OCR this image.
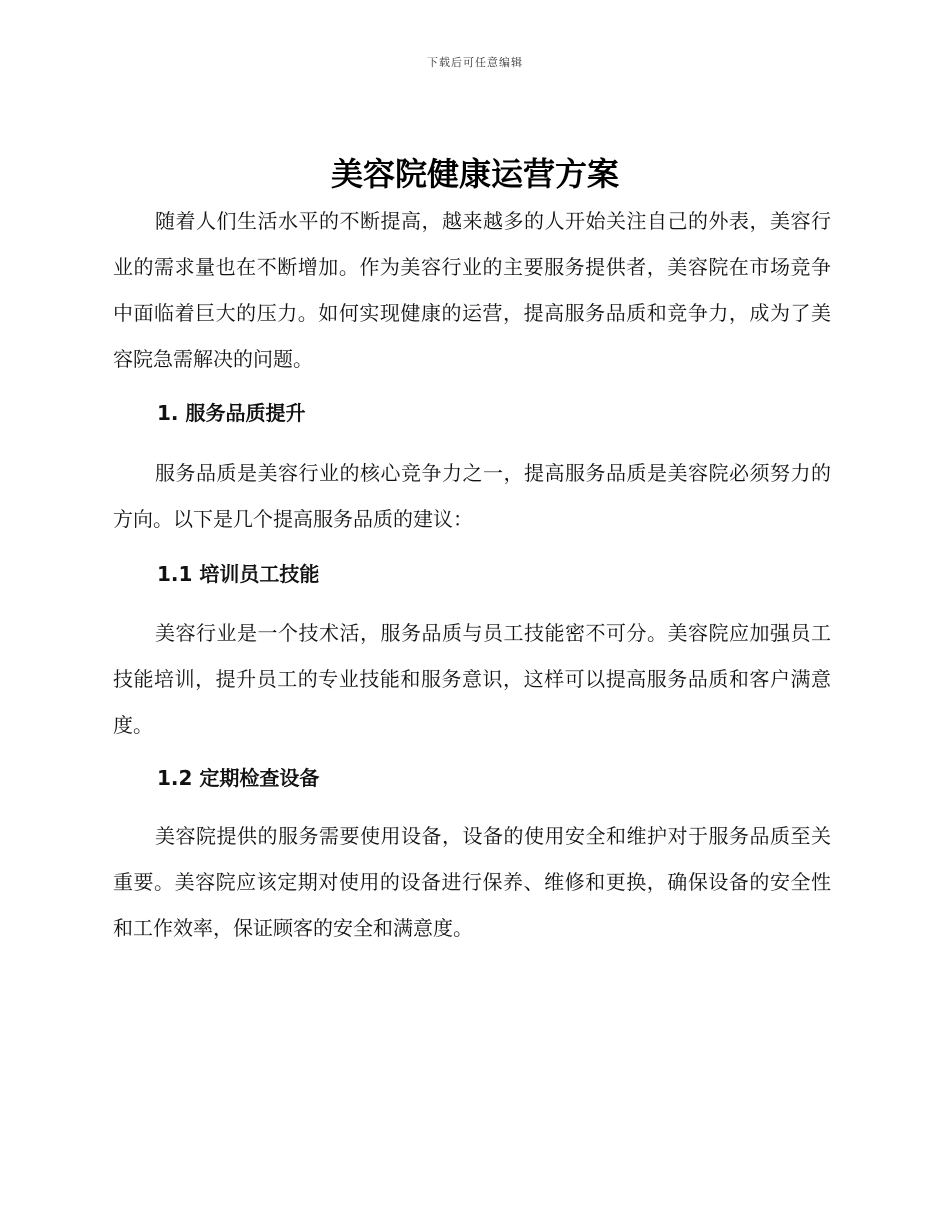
下载后可任意编辑
美容院健康运营方案
随着人们生活水平的不断提高，越来越多的人开始关注自己的外表，美容行业的需求量也在不断增加。作为美容行业的主要服务提供者，美容院在市场竞争中面临着巨大的压力。如何实现健康的运营，提高服务品质和竞争力，成为了美容院急需解决的问题。
1. 服务品质提升
服务品质是美容行业的核心竞争力之一，提高服务品质是美容院必须努力的方向。以下是几个提高服务品质的建议：
1.1 培训员工技能
美容行业是一个技术活，服务品质与员工技能密不可分。美容院应加强员工技能培训，提升员工的专业技能和服务意识，这样可以提高服务品质和客户满意度。
1.2 定期检查设备
美容院提供的服务需要使用设备，设备的使用安全和维护对于服务品质至关重要。美容院应该定期对使用的设备进行保养、维修和更换，确保设备的安全性和工作效率，保证顾客的安全和满意度。
